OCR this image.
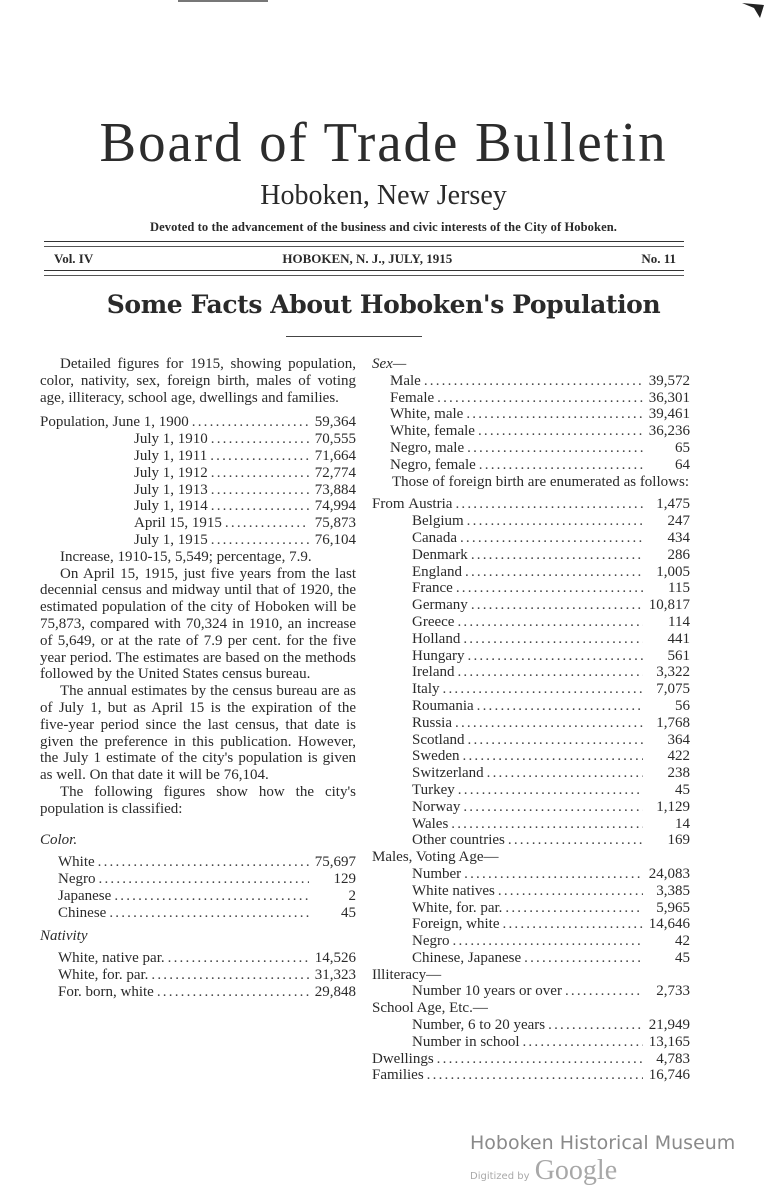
Board of Trade Bulletin
Hoboken, New Jersey
Devoted to the advancement of the business and civic interests of the City of Hoboken.
Vol. IV	HOBOKEN, N. J., JULY, 1915	No. 11
Some Facts About Hoboken's Population

Detailed figures for 1915, showing population, color, nativity, sex, foreign birth, males of voting age, illiteracy, school age, dwellings and families.

Population,
June 1, 1900 .....	59,364
July 1, 1910 .....	70,555
July 1, 1911 .....	71,664
July 1, 1912 .....	72,774
July 1, 1913 .....	73,884
July 1, 1914 .....	74,994
April 15, 1915 .....	75,873
July 1, 1915 .....	76,104

Increase, 1910-15, 5,549; percentage, 7.9.

On April 15, 1915, just five years from the last decennial census and midway until that of 1920, the estimated population of the city of Hoboken will be 75,873, compared with 70,324 in 1910, an increase of 5,649, or at the rate of 7.9 per cent. for the five year period. The estimates are based on the methods followed by the United States census bureau.

The annual estimates by the census bureau are as of July 1, but as April 15 is the expiration of the five-year period since the last census, that date is given the preference in this publication. However, the July 1 estimate of the city's population is given as well. On that date it will be 76,104.

The following figures show how the city's population is classified:

Color.
White .....	75,697
Negro .....	129
Japanese .....	2
Chinese .....	45
Nativity
White, native par. .....	14,526
White, for. par. .....	31,323
For. born, white .....	29,848
Sex—
Male .....	39,572
Female .....	36,301
White, male .....	39,461
White, female .....	36,236
Negro, male .....	65
Negro, female .....	64

Those of foreign birth are enumerated as follows:

From
Austria .....	1,475
Belgium .....	247
Canada .....	434
Denmark .....	286
England .....	1,005
France .....	115
Germany .....	10,817
Greece .....	114
Holland .....	441
Hungary .....	561
Ireland .....	3,322
Italy .....	7,075
Roumania .....	56
Russia .....	1,768
Scotland .....	364
Sweden .....	422
Switzerland .....	238
Turkey .....	45
Norway .....	1,129
Wales .....	14
Other countries .....	169
Males, Voting Age—
Number .....	24,083
White natives .....	3,385
White, for. par. .....	5,965
Foreign, white .....	14,646
Negro .....	42
Chinese, Japanese .....	45
Illiteracy—
Number 10 years or over .....	2,733
School Age, Etc.—
Number, 6 to 20 years .....	21,949
Number in school .....	13,165
Dwellings .....	4,783
Families .....	16,746
Hoboken Historical Museum
Digitized by Google
